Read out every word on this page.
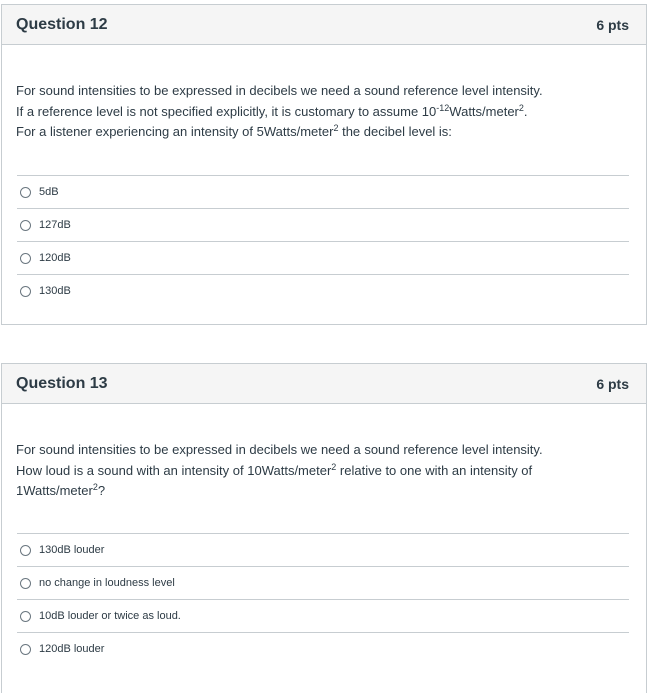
Question 12	6 pts
For sound intensities to be expressed in decibels we need a sound reference level intensity.
If a reference level is not specified explicitly, it is customary to assume $10^{-12}Watts/meter^2$.
For a listener experiencing an intensity of 5Watts/meter$^2$ the decibel level is:
5dB
127dB
120dB
130dB
Question 13	6 pts
For sound intensities to be expressed in decibels we need a sound reference level intensity.
How loud is a sound with an intensity of 10Watts/meter$^2$ relative to one with an intensity of
1Watts/meter$^2$?
130dB louder
no change in loudness level
10dB louder or twice as loud.
120dB louder
